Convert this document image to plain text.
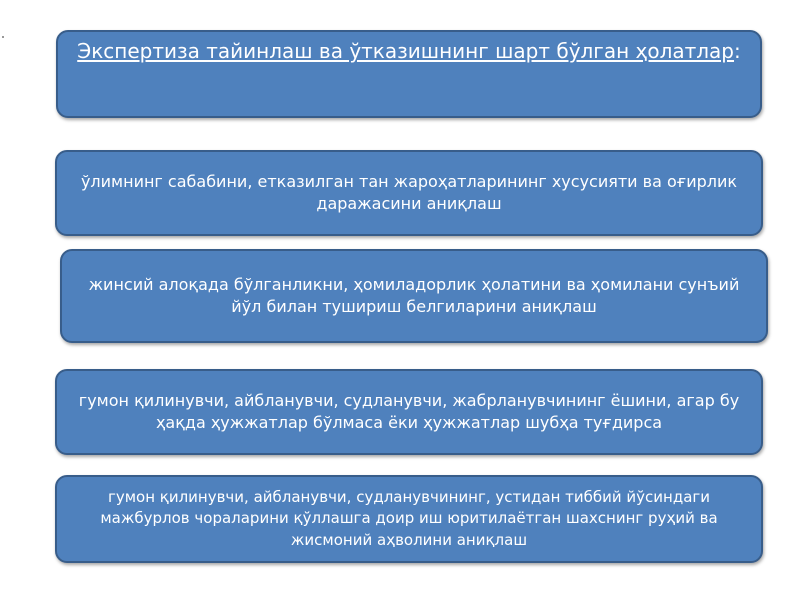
Экспертиза тайинлаш ва ўтказишнинг шарт бўлган ҳолатлар:
ўлимнинг сабабини, етказилган тан жароҳатларининг хусусияти ва оғирлик даражасини аниқлаш
жинсий алоқада бўлганликни, ҳомиладорлик ҳолатини ва ҳомилани сунъий йўл билан тушириш белгиларини аниқлаш
гумон қилинувчи, айбланувчи, судланувчи, жабрланувчининг ёшини, агар бу ҳақда ҳужжатлар бўлмаса ёки ҳужжатлар шубҳа туғдирса
гумон қилинувчи, айбланувчи, судланувчининг, устидан тиббий йўсиндаги мажбурлов чораларини қўллашга доир иш юритилаётган шахснинг руҳий ва жисмоний аҳволини аниқлаш
